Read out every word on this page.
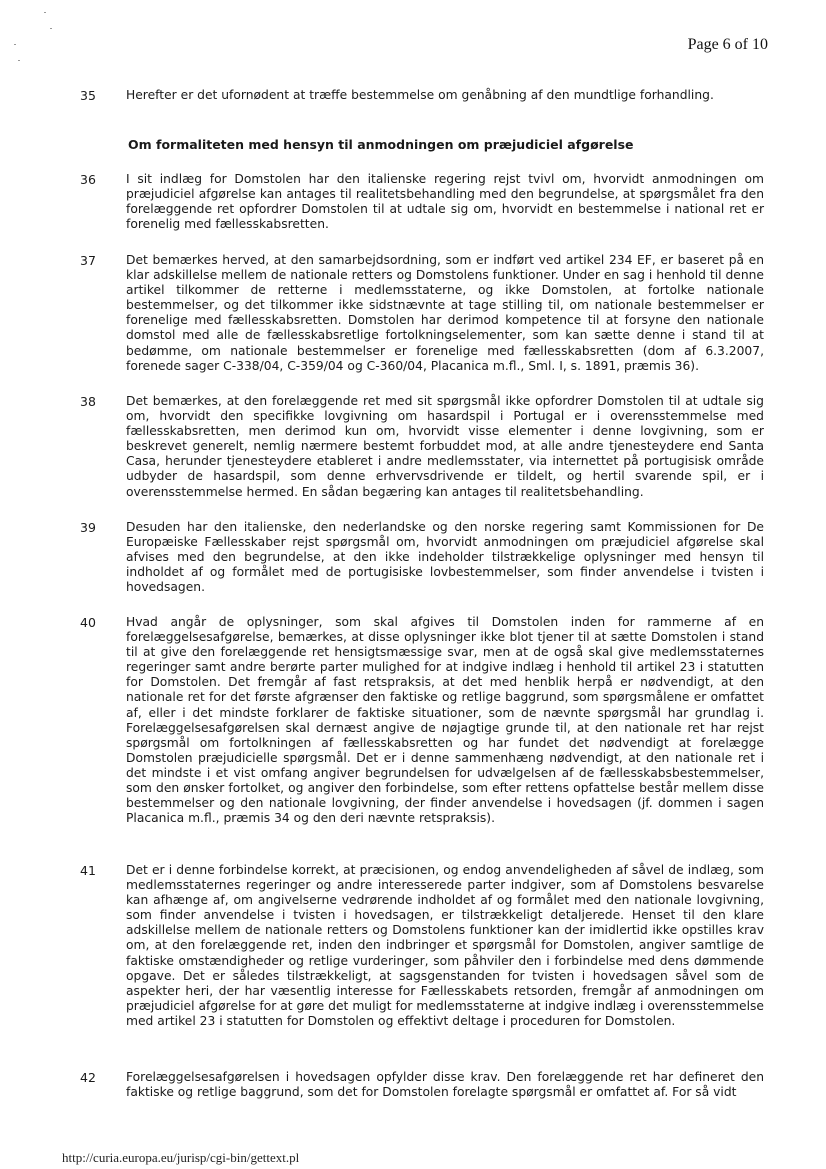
Page 6 of 10
35 Herefter er det ufornødent at træffe bestemmelse om genåbning af den mundtlige forhandling.
Om formaliteten med hensyn til anmodningen om præjudiciel afgørelse
36 I sit indlæg for Domstolen har den italienske regering rejst tvivl om, hvorvidt anmodningen om præjudiciel afgørelse kan antages til realitetsbehandling med den begrundelse, at spørgsmålet fra den forelæggende ret opfordrer Domstolen til at udtale sig om, hvorvidt en bestemmelse i national ret er forenelig med fællesskabsretten.
37 Det bemærkes herved, at den samarbejdsordning, som er indført ved artikel 234 EF, er baseret på en klar adskillelse mellem de nationale retters og Domstolens funktioner. Under en sag i henhold til denne artikel tilkommer de retterne i medlemsstaterne, og ikke Domstolen, at fortolke nationale bestemmelser, og det tilkommer ikke sidstnævnte at tage stilling til, om nationale bestemmelser er forenelige med fællesskabsretten. Domstolen har derimod kompetence til at forsyne den nationale domstol med alle de fællesskabsretlige fortolkningselementer, som kan sætte denne i stand til at bedømme, om nationale bestemmelser er forenelige med fællesskabsretten (dom af 6.3.2007, forenede sager C-338/04, C-359/04 og C-360/04, Placanica m.fl., Sml. I, s. 1891, præmis 36).
38 Det bemærkes, at den forelæggende ret med sit spørgsmål ikke opfordrer Domstolen til at udtale sig om, hvorvidt den specifikke lovgivning om hasardspil i Portugal er i overensstemmelse med fællesskabsretten, men derimod kun om, hvorvidt visse elementer i denne lovgivning, som er beskrevet generelt, nemlig nærmere bestemt forbuddet mod, at alle andre tjenesteydere end Santa Casa, herunder tjenesteydere etableret i andre medlemsstater, via internettet på portugisisk område udbyder de hasardspil, som denne erhvervsdrivende er tildelt, og hertil svarende spil, er i overensstemmelse hermed. En sådan begæring kan antages til realitetsbehandling.
39 Desuden har den italienske, den nederlandske og den norske regering samt Kommissionen for De Europæiske Fællesskaber rejst spørgsmål om, hvorvidt anmodningen om præjudiciel afgørelse skal afvises med den begrundelse, at den ikke indeholder tilstrækkelige oplysninger med hensyn til indholdet af og formålet med de portugisiske lovbestemmelser, som finder anvendelse i tvisten i hovedsagen.
40 Hvad angår de oplysninger, som skal afgives til Domstolen inden for rammerne af en forelæggelsesafgørelse, bemærkes, at disse oplysninger ikke blot tjener til at sætte Domstolen i stand til at give den forelæggende ret hensigtsmæssige svar, men at de også skal give medlemsstaternes regeringer samt andre berørte parter mulighed for at indgive indlæg i henhold til artikel 23 i statutten for Domstolen. Det fremgår af fast retspraksis, at det med henblik herpå er nødvendigt, at den nationale ret for det første afgrænser den faktiske og retlige baggrund, som spørgsmålene er omfattet af, eller i det mindste forklarer de faktiske situationer, som de nævnte spørgsmål har grundlag i. Forelæggelsesafgørelsen skal dernæst angive de nøjagtige grunde til, at den nationale ret har rejst spørgsmål om fortolkningen af fællesskabsretten og har fundet det nødvendigt at forelægge Domstolen præjudicielle spørgsmål. Det er i denne sammenhæng nødvendigt, at den nationale ret i det mindste i et vist omfang angiver begrundelsen for udvælgelsen af de fællesskabsbestemmelser, som den ønsker fortolket, og angiver den forbindelse, som efter rettens opfattelse består mellem disse bestemmelser og den nationale lovgivning, der finder anvendelse i hovedsagen (jf. dommen i sagen Placanica m.fl., præmis 34 og den deri nævnte retspraksis).
41 Det er i denne forbindelse korrekt, at præcisionen, og endog anvendeligheden af såvel de indlæg, som medlemsstaternes regeringer og andre interesserede parter indgiver, som af Domstolens besvarelse kan afhænge af, om angivelserne vedrørende indholdet af og formålet med den nationale lovgivning, som finder anvendelse i tvisten i hovedsagen, er tilstrækkeligt detaljerede. Henset til den klare adskillelse mellem de nationale retters og Domstolens funktioner kan der imidlertid ikke opstilles krav om, at den forelæggende ret, inden den indbringer et spørgsmål for Domstolen, angiver samtlige de faktiske omstændigheder og retlige vurderinger, som påhviler den i forbindelse med dens dømmende opgave. Det er således tilstrækkeligt, at sagsgenstanden for tvisten i hovedsagen såvel som de aspekter heri, der har væsentlig interesse for Fællesskabets retsorden, fremgår af anmodningen om præjudiciel afgørelse for at gøre det muligt for medlemsstaterne at indgive indlæg i overensstemmelse med artikel 23 i statutten for Domstolen og effektivt deltage i proceduren for Domstolen.
42 Forelæggelsesafgørelsen i hovedsagen opfylder disse krav. Den forelæggende ret har defineret den faktiske og retlige baggrund, som det for Domstolen forelagte spørgsmål er omfattet af. For så vidt
http://curia.europa.eu/jurisp/cgi-bin/gettext.pl
